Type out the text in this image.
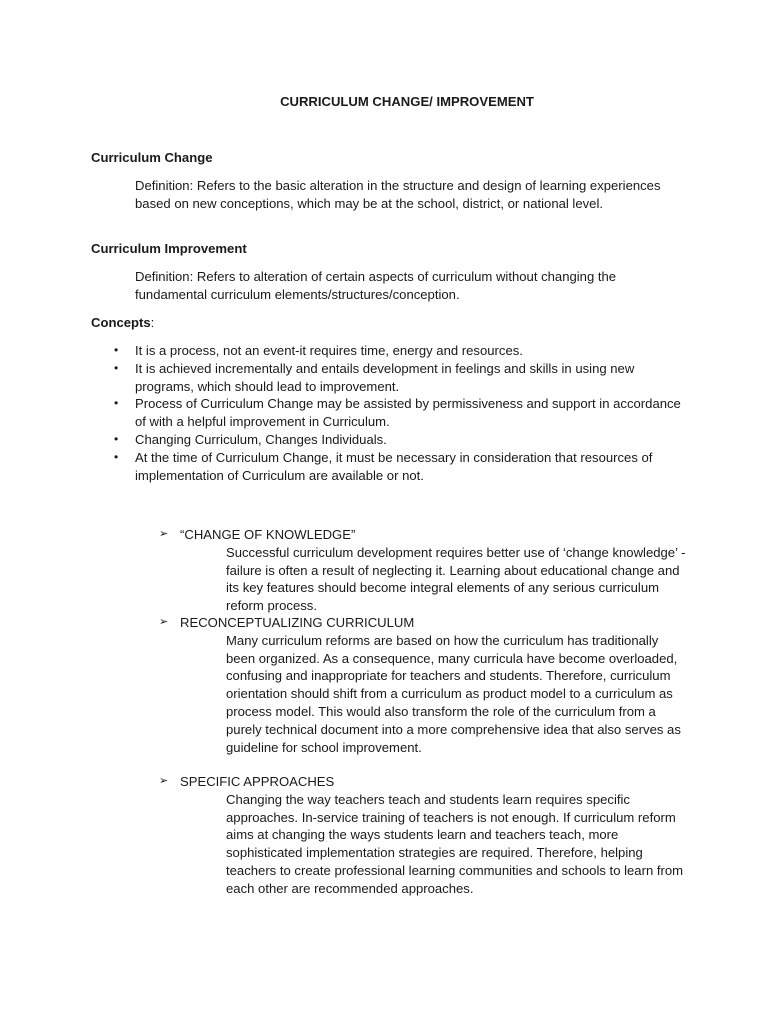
CURRICULUM CHANGE/ IMPROVEMENT
Curriculum Change
Definition: Refers to the basic alteration in the structure and design of learning experiences based on new conceptions, which may be at the school, district, or national level.
Curriculum Improvement
Definition: Refers to alteration of certain aspects of curriculum without changing the fundamental curriculum elements/structures/conception.
Concepts:
• It is a process, not an event-it requires time, energy and resources.
• It is achieved incrementally and entails development in feelings and skills in using new programs, which should lead to improvement.
• Process of Curriculum Change may be assisted by permissiveness and support in accordance of with a helpful improvement in Curriculum.
• Changing Curriculum, Changes Individuals.
• At the time of Curriculum Change, it must be necessary in consideration that resources of implementation of Curriculum are available or not.
➢ “CHANGE OF KNOWLEDGE”
Successful curriculum development requires better use of ‘change knowledge’ - failure is often a result of neglecting it. Learning about educational change and its key features should become integral elements of any serious curriculum reform process.
➢ RECONCEPTUALIZING CURRICULUM
Many curriculum reforms are based on how the curriculum has traditionally been organized. As a consequence, many curricula have become overloaded, confusing and inappropriate for teachers and students. Therefore, curriculum orientation should shift from a curriculum as product model to a curriculum as process model. This would also transform the role of the curriculum from a purely technical document into a more comprehensive idea that also serves as guideline for school improvement.
➢ SPECIFIC APPROACHES
Changing the way teachers teach and students learn requires specific approaches. In-service training of teachers is not enough. If curriculum reform aims at changing the ways students learn and teachers teach, more sophisticated implementation strategies are required. Therefore, helping teachers to create professional learning communities and schools to learn from each other are recommended approaches.
